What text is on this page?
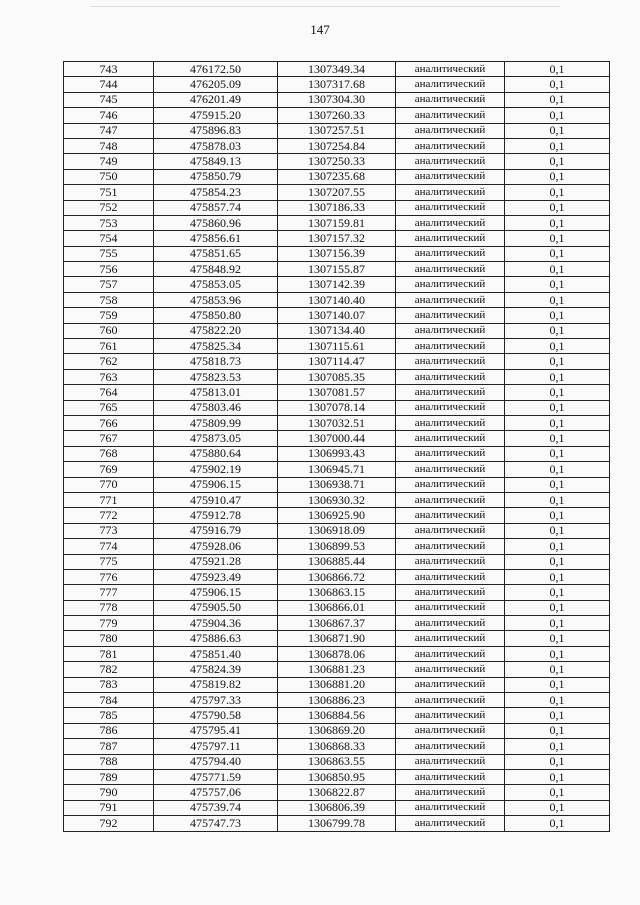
147
743	476172.50	1307349.34	аналитический	0,1
744	476205.09	1307317.68	аналитический	0,1
745	476201.49	1307304.30	аналитический	0,1
746	475915.20	1307260.33	аналитический	0,1
747	475896.83	1307257.51	аналитический	0,1
748	475878.03	1307254.84	аналитический	0,1
749	475849.13	1307250.33	аналитический	0,1
750	475850.79	1307235.68	аналитический	0,1
751	475854.23	1307207.55	аналитический	0,1
752	475857.74	1307186.33	аналитический	0,1
753	475860.96	1307159.81	аналитический	0,1
754	475856.61	1307157.32	аналитический	0,1
755	475851.65	1307156.39	аналитический	0,1
756	475848.92	1307155.87	аналитический	0,1
757	475853.05	1307142.39	аналитический	0,1
758	475853.96	1307140.40	аналитический	0,1
759	475850.80	1307140.07	аналитический	0,1
760	475822.20	1307134.40	аналитический	0,1
761	475825.34	1307115.61	аналитический	0,1
762	475818.73	1307114.47	аналитический	0,1
763	475823.53	1307085.35	аналитический	0,1
764	475813.01	1307081.57	аналитический	0,1
765	475803.46	1307078.14	аналитический	0,1
766	475809.99	1307032.51	аналитический	0,1
767	475873.05	1307000.44	аналитический	0,1
768	475880.64	1306993.43	аналитический	0,1
769	475902.19	1306945.71	аналитический	0,1
770	475906.15	1306938.71	аналитический	0,1
771	475910.47	1306930.32	аналитический	0,1
772	475912.78	1306925.90	аналитический	0,1
773	475916.79	1306918.09	аналитический	0,1
774	475928.06	1306899.53	аналитический	0,1
775	475921.28	1306885.44	аналитический	0,1
776	475923.49	1306866.72	аналитический	0,1
777	475906.15	1306863.15	аналитический	0,1
778	475905.50	1306866.01	аналитический	0,1
779	475904.36	1306867.37	аналитический	0,1
780	475886.63	1306871.90	аналитический	0,1
781	475851.40	1306878.06	аналитический	0,1
782	475824.39	1306881.23	аналитический	0,1
783	475819.82	1306881.20	аналитический	0,1
784	475797.33	1306886.23	аналитический	0,1
785	475790.58	1306884.56	аналитический	0,1
786	475795.41	1306869.20	аналитический	0,1
787	475797.11	1306868.33	аналитический	0,1
788	475794.40	1306863.55	аналитический	0,1
789	475771.59	1306850.95	аналитический	0,1
790	475757.06	1306822.87	аналитический	0,1
791	475739.74	1306806.39	аналитический	0,1
792	475747.73	1306799.78	аналитический	0,1
